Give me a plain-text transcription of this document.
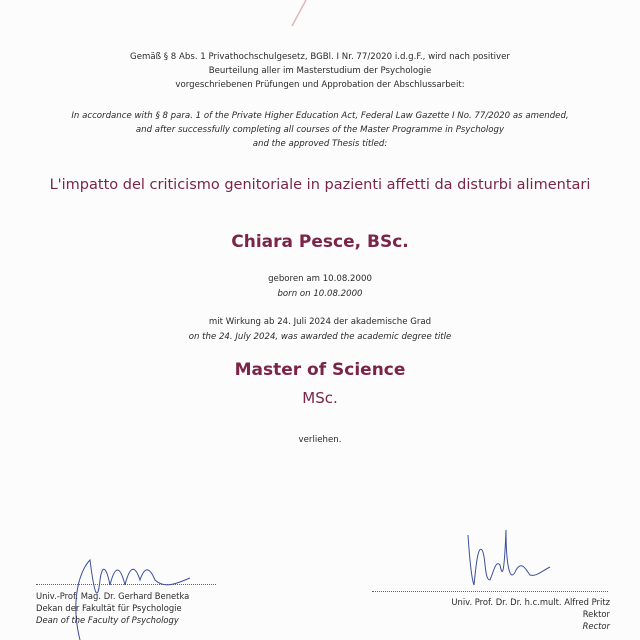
Gemäß § 8 Abs. 1 Privathochschulgesetz, BGBl. I Nr. 77/2020 i.d.g.F., wird nach positiver
Beurteilung aller im Masterstudium der Psychologie
vorgeschriebenen Prüfungen und Approbation der Abschlussarbeit:
In accordance with § 8 para. 1 of the Private Higher Education Act, Federal Law Gazette I No. 77/2020 as amended,
and after successfully completing all courses of the Master Programme in Psychology
and the approved Thesis titled:
L'impatto del criticismo genitoriale in pazienti affetti da disturbi alimentari
Chiara Pesce, BSc.
geboren am 10.08.2000
born on 10.08.2000
mit Wirkung ab 24. Juli 2024 der akademische Grad
on the 24. July 2024, was awarded the academic degree title
Master of Science
MSc.
verliehen.
Univ.-Prof. Mag. Dr. Gerhard Benetka
Dekan der Fakultät für Psychologie
Dean of the Faculty of Psychology
Univ. Prof. Dr. Dr. h.c.mult. Alfred Pritz
Rektor
Rector
